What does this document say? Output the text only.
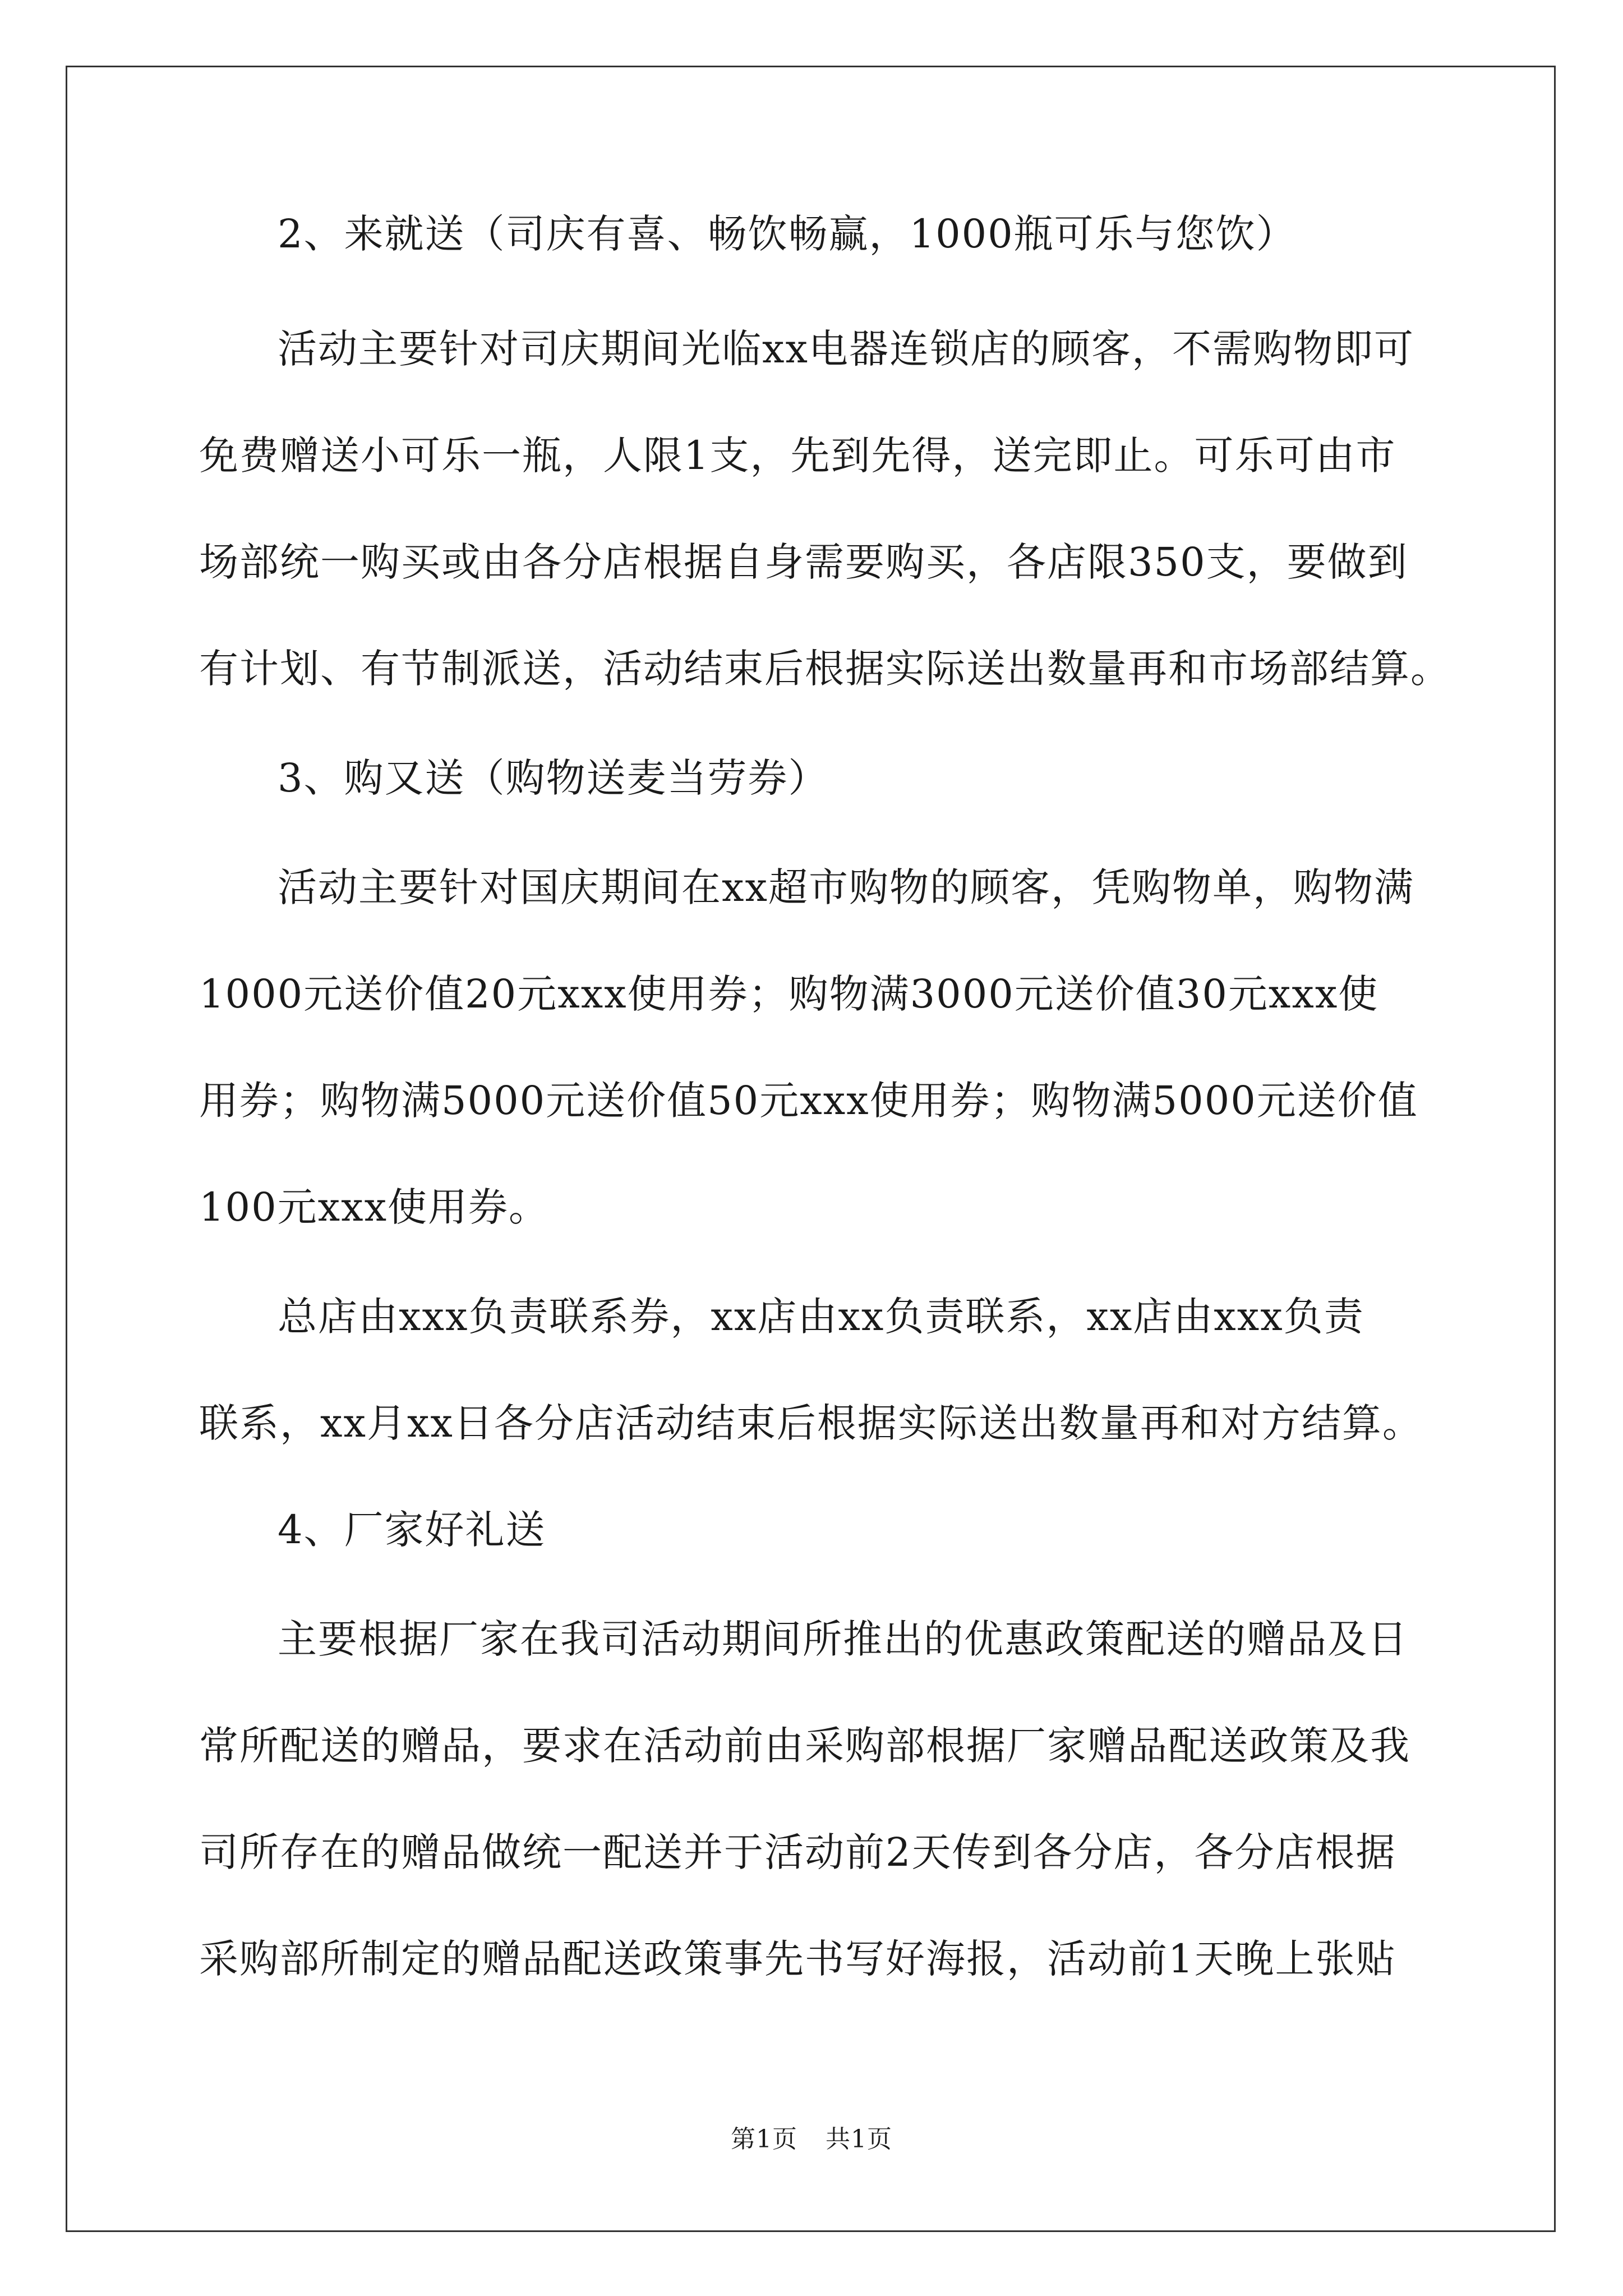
2、来就送（司庆有喜、畅饮畅赢，1000瓶可乐与您饮）
活动主要针对司庆期间光临xx电器连锁店的顾客，不需购物即可
免费赠送小可乐一瓶，人限1支，先到先得，送完即止。可乐可由市
场部统一购买或由各分店根据自身需要购买，各店限350支，要做到
有计划、有节制派送，活动结束后根据实际送出数量再和市场部结算。
3、购又送（购物送麦当劳券）
活动主要针对国庆期间在xx超市购物的顾客，凭购物单，购物满
1000元送价值20元xxx使用券；购物满3000元送价值30元xxx使
用券；购物满5000元送价值50元xxx使用券；购物满5000元送价值
100元xxx使用券。
总店由xxx负责联系券，xx店由xx负责联系，xx店由xxx负责
联系，xx月xx日各分店活动结束后根据实际送出数量再和对方结算。
4、厂家好礼送
主要根据厂家在我司活动期间所推出的优惠政策配送的赠品及日
常所配送的赠品，要求在活动前由采购部根据厂家赠品配送政策及我
司所存在的赠品做统一配送并于活动前2天传到各分店，各分店根据
采购部所制定的赠品配送政策事先书写好海报，活动前1天晚上张贴
第1页 共1页
